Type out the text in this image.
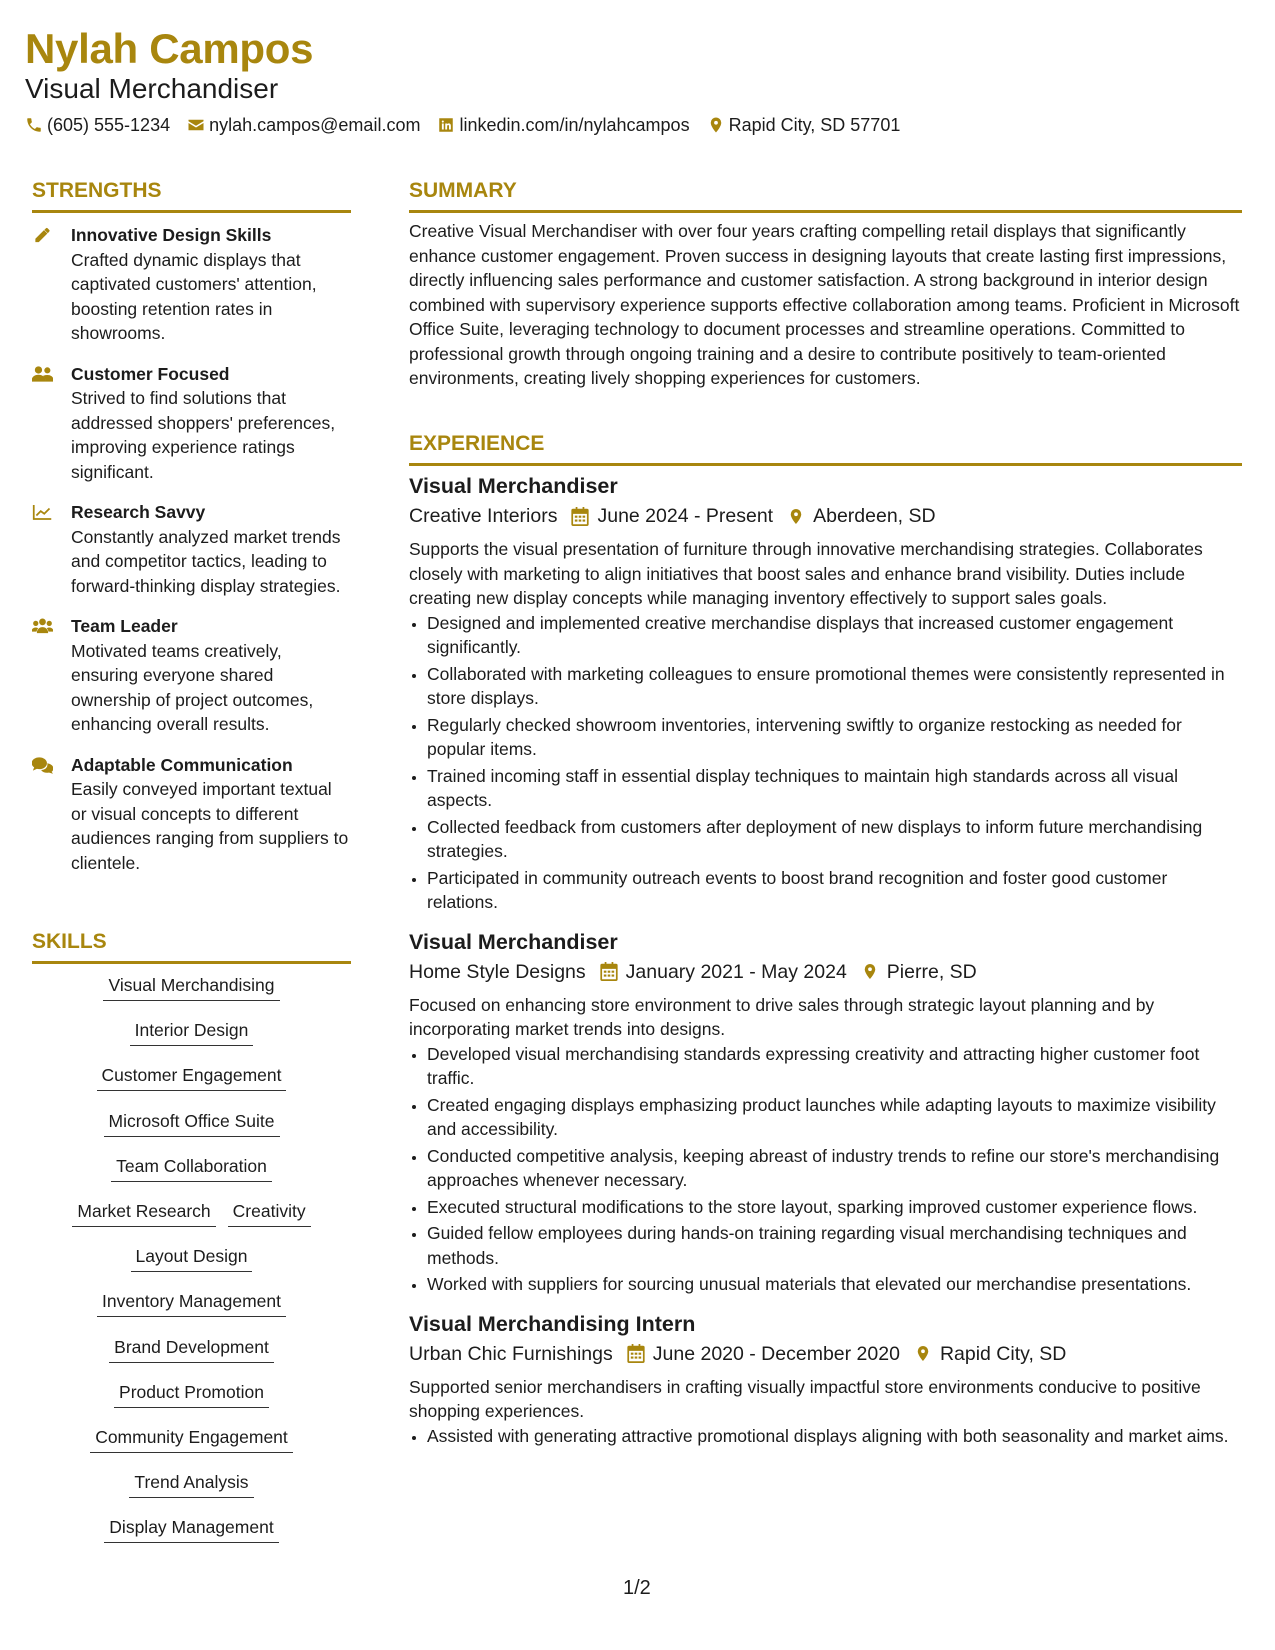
Nylah Campos
Visual Merchandiser
(605) 555-1234 nylah.campos@email.com linkedin.com/in/nylahcampos Rapid City, SD 57701
STRENGTHS
Innovative Design Skills
Crafted dynamic displays that captivated customers' attention, boosting retention rates in showrooms.
Customer Focused
Strived to find solutions that addressed shoppers' preferences, improving experience ratings significant.
Research Savvy
Constantly analyzed market trends and competitor tactics, leading to forward-thinking display strategies.
Team Leader
Motivated teams creatively, ensuring everyone shared ownership of project outcomes, enhancing overall results.
Adaptable Communication
Easily conveyed important textual or visual concepts to different audiences ranging from suppliers to clientele.
SKILLS
Visual Merchandising
Interior Design
Customer Engagement
Microsoft Office Suite
Team Collaboration
Market Research Creativity
Layout Design
Inventory Management
Brand Development
Product Promotion
Community Engagement
Trend Analysis
Display Management
SUMMARY
Creative Visual Merchandiser with over four years crafting compelling retail displays that significantly enhance customer engagement. Proven success in designing layouts that create lasting first impressions, directly influencing sales performance and customer satisfaction. A strong background in interior design combined with supervisory experience supports effective collaboration among teams. Proficient in Microsoft Office Suite, leveraging technology to document processes and streamline operations. Committed to professional growth through ongoing training and a desire to contribute positively to team-oriented environments, creating lively shopping experiences for customers.
EXPERIENCE
Visual Merchandiser
Creative Interiors June 2024 - Present Aberdeen, SD
Supports the visual presentation of furniture through innovative merchandising strategies. Collaborates closely with marketing to align initiatives that boost sales and enhance brand visibility. Duties include creating new display concepts while managing inventory effectively to support sales goals.
• Designed and implemented creative merchandise displays that increased customer engagement significantly.
• Collaborated with marketing colleagues to ensure promotional themes were consistently represented in store displays.
• Regularly checked showroom inventories, intervening swiftly to organize restocking as needed for popular items.
• Trained incoming staff in essential display techniques to maintain high standards across all visual aspects.
• Collected feedback from customers after deployment of new displays to inform future merchandising strategies.
• Participated in community outreach events to boost brand recognition and foster good customer relations.
Visual Merchandiser
Home Style Designs January 2021 - May 2024 Pierre, SD
Focused on enhancing store environment to drive sales through strategic layout planning and by incorporating market trends into designs.
• Developed visual merchandising standards expressing creativity and attracting higher customer foot traffic.
• Created engaging displays emphasizing product launches while adapting layouts to maximize visibility and accessibility.
• Conducted competitive analysis, keeping abreast of industry trends to refine our store's merchandising approaches whenever necessary.
• Executed structural modifications to the store layout, sparking improved customer experience flows.
• Guided fellow employees during hands-on training regarding visual merchandising techniques and methods.
• Worked with suppliers for sourcing unusual materials that elevated our merchandise presentations.
Visual Merchandising Intern
Urban Chic Furnishings June 2020 - December 2020 Rapid City, SD
Supported senior merchandisers in crafting visually impactful store environments conducive to positive shopping experiences.
• Assisted with generating attractive promotional displays aligning with both seasonality and market aims.
1/2
